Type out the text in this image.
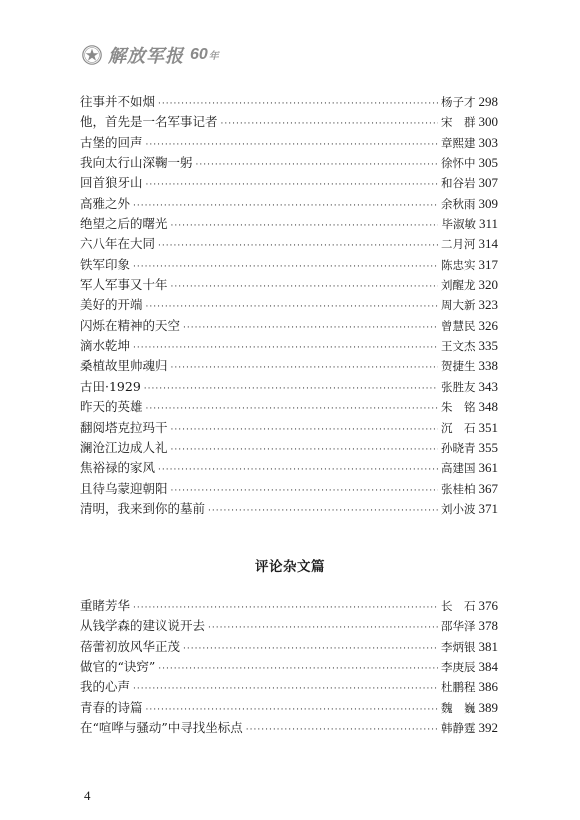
解放军报 60年
往事并不如烟 ·····	杨子才 298
他，首先是一名军事记者 ·····	宋　群 300
古堡的回声 ·····	章熙建 303
我向太行山深鞠一躬 ·····	徐怀中 305
回首狼牙山 ·····	和谷岩 307
高雅之外 ·····	余秋雨 309
绝望之后的曙光 ·····	毕淑敏 311
六八年在大同 ·····	二月河 314
铁军印象 ·····	陈忠实 317
军人军事又十年 ·····	刘醒龙 320
美好的开端 ·····	周大新 323
闪烁在精神的天空 ·····	曾慧民 326
滴水乾坤 ·····	王文杰 335
桑植故里帅魂归 ·····	贺捷生 338
古田·1929 ·····	张胜友 343
昨天的英雄 ·····	朱　铭 348
翻阅塔克拉玛干 ·····	沉　石 351
澜沧江边成人礼 ·····	孙晓青 355
焦裕禄的家风 ·····	高建国 361
且待乌蒙迎朝阳 ·····	张桂柏 367
清明，我来到你的墓前 ·····	刘小波 371
评论杂文篇
重睹芳华 ·····	长　石 376
从钱学森的建议说开去 ·····	邵华泽 378
蓓蕾初放风华正茂 ·····	李炳银 381
做官的“诀窍” ·····	李庚辰 384
我的心声 ·····	杜鹏程 386
青春的诗篇 ·····	魏　巍 389
在“喧哗与骚动”中寻找坐标点 ·····	韩静霆 392
4
